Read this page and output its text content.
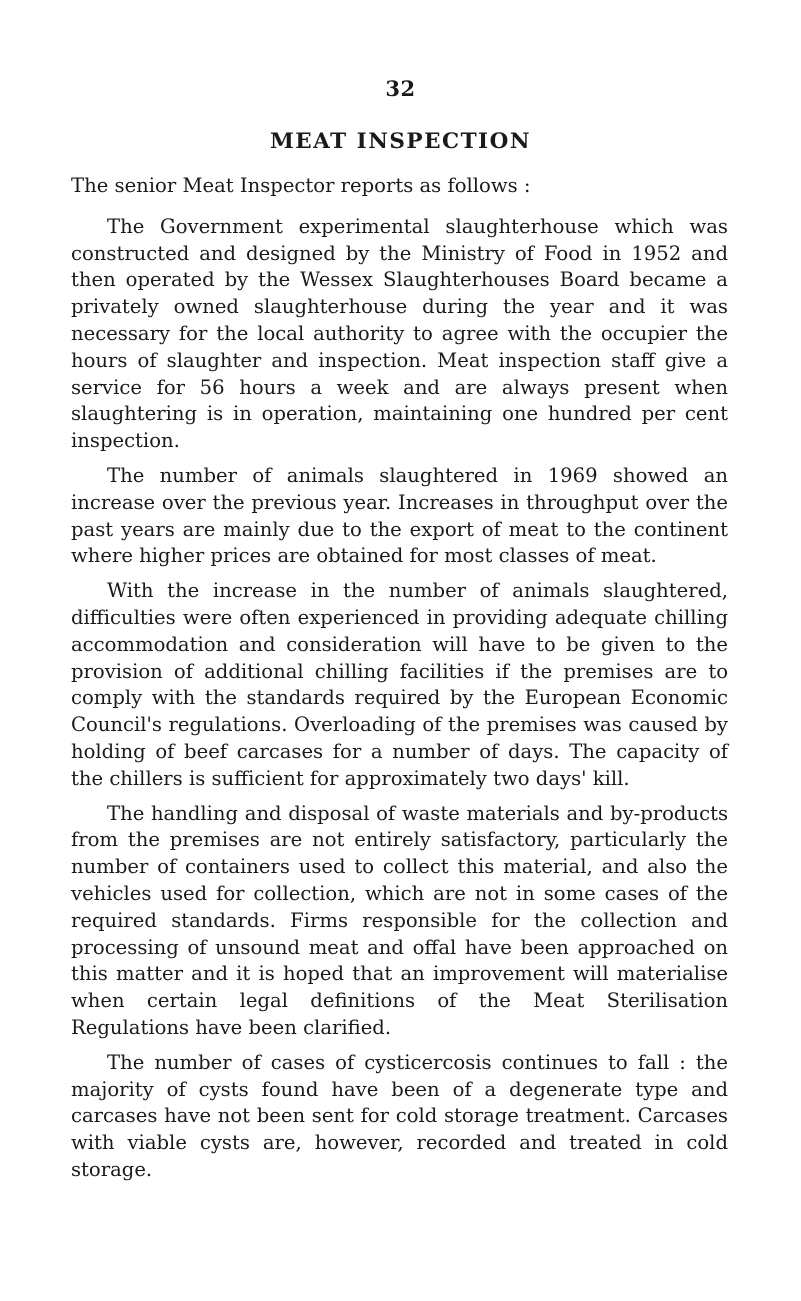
32
MEAT INSPECTION

The senior Meat Inspector reports as follows :

The Government experimental slaughterhouse which was constructed and designed by the Ministry of Food in 1952 and then operated by the Wessex Slaughterhouses Board became a privately owned slaughterhouse during the year and it was necessary for the local authority to agree with the occupier the hours of slaughter and inspection. Meat inspection staff give a service for 56 hours a week and are always present when slaughtering is in operation, maintaining one hundred per cent inspection.

The number of animals slaughtered in 1969 showed an increase over the previous year. Increases in throughput over the past years are mainly due to the export of meat to the continent where higher prices are obtained for most classes of meat.

With the increase in the number of animals slaughtered, difficulties were often experienced in providing adequate chilling accommodation and consideration will have to be given to the provision of additional chilling facilities if the premises are to comply with the standards required by the European Economic Council's regulations. Overloading of the premises was caused by holding of beef carcases for a number of days. The capacity of the chillers is sufficient for approximately two days' kill.

The handling and disposal of waste materials and by-products from the premises are not entirely satisfactory, particularly the number of containers used to collect this material, and also the vehicles used for collection, which are not in some cases of the required standards. Firms responsible for the collection and processing of unsound meat and offal have been approached on this matter and it is hoped that an improvement will materialise when certain legal definitions of the Meat Sterilisation Regulations have been clarified.

The number of cases of cysticercosis continues to fall : the majority of cysts found have been of a degenerate type and carcases have not been sent for cold storage treatment. Carcases with viable cysts are, however, recorded and treated in cold storage.
